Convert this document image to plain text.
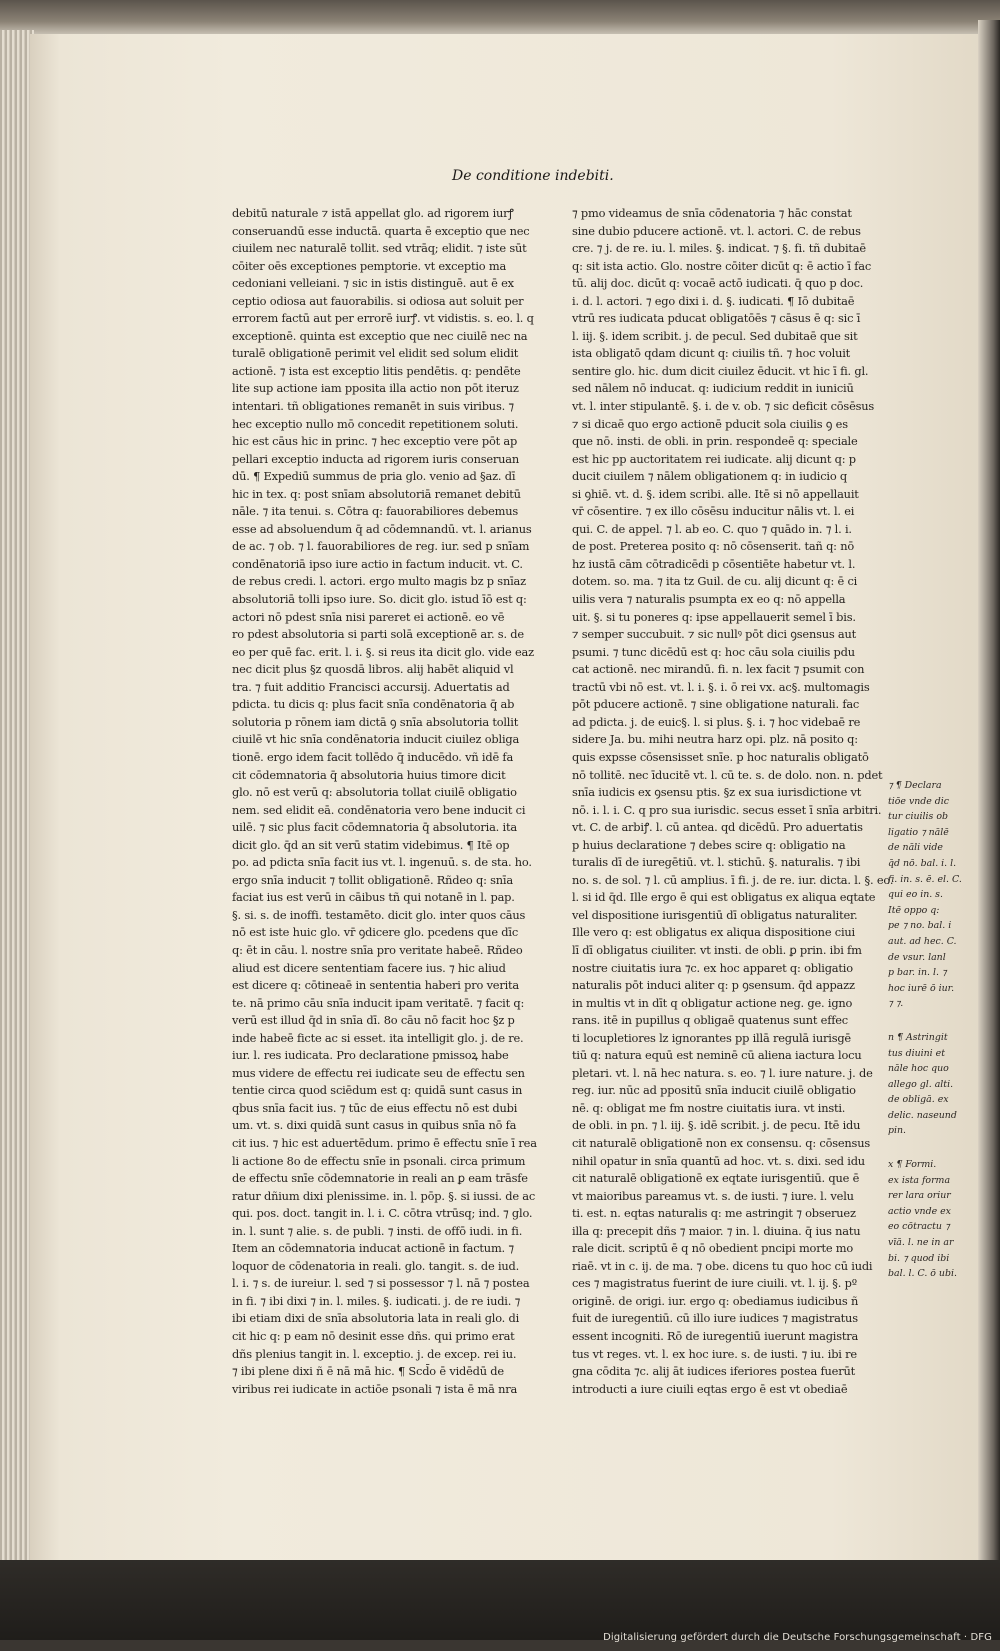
De conditione indebiti.
debitū naturale ⁊ istā appellat glo. ad rigorem iurꝭ
conseruandū esse inductā. quarta ē exceptio que nec
ciuilem nec naturalē tollit. sed vtrāq; elidit. ⁊ iste sūt
cōiter oēs exceptiones pemptorie. vt exceptio ma
cedoniani velleiani. ⁊ sic in istis distinguē. aut ē ex
ceptio odiosa aut fauorabilis. si odiosa aut soluit per
errorem factū aut per errorē iurꝭ. vt vidistis. s. eo. l. q
exceptionē. quinta est exceptio que nec ciuilē nec na
turalē obligationē perimit vel elidit sed solum elidit
actionē. ⁊ ista est exceptio litis pendētis. q: pendēte
lite sup actione iam pposita illa actio non pōt iteruz
intentari. tñ obligationes remanēt in suis viribus. ⁊
hec exceptio nullo mō concedit repetitionem soluti.
hic est cāus hic in princ. ⁊ hec exceptio vere pōt ap
pellari exceptio inducta ad rigorem iuris conseruan
dū. ¶ Expediū summus de pria glo. venio ad §az. dī
hic in tex. q: post snīam absolutoriā remanet debitū
nāle. ⁊ ita tenui. s. Cōtra q: fauorabiliores debemus
esse ad absoluendum q̄ ad cōdemnandū. vt. l. arianus
de ac. ⁊ ob. ⁊ l. fauorabiliores de reg. iur. sed p snīam
condēnatoriā ipso iure actio in factum inducit. vt. C.
de rebus credi. l. actori. ergo multo magis bz p snīaz
absolutoriā tolli ipso iure. So. dicit glo. istud īō est q:
actori nō pdest snīa nisi pareret ei actionē. eo vē
ro pdest absolutoria si parti solā exceptionē ar. s. de
eo per quē fac. erit. l. i. §. si reus ita dicit glo. vide eaz
nec dicit plus §z quosdā libros. alij habēt aliquid vl
tra. ⁊ fuit additio Francisci accursij. Aduertatis ad
pdicta. tu dicis q: plus facit snīa condēnatoria q̄ ab
solutoria p rōnem iam dictā ꝯ snīa absolutoria tollit
ciuilē vt hic snīa condēnatoria inducit ciuilez obliga
tionē. ergo idem facit tollēdo q̄ inducēdo. vñ idē fa
cit cōdemnatoria q̄ absolutoria huius timore dicit
glo. nō est verū q: absolutoria tollat ciuilē obligatio
nem. sed elidit eā. condēnatoria vero bene inducit ci
uilē. ⁊ sic plus facit cōdemnatoria q̄ absolutoria. ita
dicit glo. q̄d an sit verū statim videbimus. ¶ Itē op
po. ad pdicta snīa facit ius vt. l. ingenuū. s. de sta. ho.
ergo snīa inducit ⁊ tollit obligationē. Rñdeo q: snīa
faciat ius est verū in cāibus tñ qui notanē in l. pap.
§. si. s. de inoffi. testamēto. dicit glo. inter quos cāus
nō est iste huic glo. vr̄ ꝯdicere glo. pcedens que dīc
q: ēt in cāu. l. nostre snīa pro veritate habeē. Rñdeo
aliud est dicere sententiam facere ius. ⁊ hic aliud
est dicere q: cōtineaē in sententia haberi pro verita
te. nā primo cāu snīa inducit ipam veritatē. ⁊ facit q:
verū est illud q̄d in snīa dī. 8o cāu nō facit hoc §z p
inde habeē ficte ac si esset. ita intelligit glo. j. de re.
iur. l. res iudicata. Pro declaratione pmissoꝝ habe
mus videre de effectu rei iudicate seu de effectu sen
tentie circa quod sciēdum est q: quidā sunt casus in
qbus snīa facit ius. ⁊ tūc de eius effectu nō est dubi
um. vt. s. dixi quidā sunt casus in quibus snīa nō fa
cit ius. ⁊ hic est aduertēdum. primo ē effectu snīe ī rea
li actione 8o de effectu snīe in psonali. circa primum
de effectu snīe cōdemnatorie in reali an ꝑ eam trāsfe
ratur dñium dixi plenissime. in. l. pōp. §. si iussi. de ac
qui. pos. doct. tangit in. l. i. C. cōtra vtrūsq; ind. ⁊ glo.
in. l. sunt ⁊ alie. s. de publi. ⁊ insti. de offō iudi. in fi.
Item an cōdemnatoria inducat actionē in factum. ⁊
loquor de cōdenatoria in reali. glo. tangit. s. de iud.
l. i. ⁊ s. de iureiur. l. sed ⁊ si possessor ⁊ l. nā ⁊ postea
in fi. ⁊ ibi dixi ⁊ in. l. miles. §. iudicati. j. de re iudi. ⁊
ibi etiam dixi de snīa absolutoria lata in reali glo. di
cit hic q: p eam nō desinit esse dñs. qui primo erat
dñs plenius tangit in. l. exceptio. j. de excep. rei iu.
⁊ ibi plene dixi ñ ē nā mā hic. ¶ Scd̄o ē vidēdū de
viribus rei iudicate in actiōe psonali ⁊ ista ē mā nra
⁊ pmo videamus de snīa cōdenatoria ⁊ hāc constat
sine dubio pducere actionē. vt. l. actori. C. de rebus
cre. ⁊ j. de re. iu. l. miles. §. indicat. ⁊ §. fi. tñ dubitaē
q: sit ista actio. Glo. nostre cōiter dicūt q: ē actio ī fac
tū. alij doc. dicūt q: vocaē actō iudicati. q̄ quo p doc.
i. d. l. actori. ⁊ ego dixi i. d. §. iudicati. ¶ Iō dubitaē
vtrū res iudicata pducat obligatōēs ⁊ cāsus ē q: sic ī
l. iij. §. idem scribit. j. de pecul. Sed dubitaē que sit
ista obligatō qdam dicunt q: ciuilis tñ. ⁊ hoc voluit
sentire glo. hic. dum dicit ciuilez ēducit. vt hic ī fi. gl.
sed nālem nō inducat. q: iudicium reddit in iuniciū
vt. l. inter stipulantē. §. i. de v. ob. ⁊ sic deficit cōsēsus
⁊ si dicaē quo ergo actionē pducit sola ciuilis ꝯ es
que nō. insti. de obli. in prin. respondeē q: speciale
est hic pp auctoritatem rei iudicate. alij dicunt q: p
ducit ciuilem ⁊ nālem obligationem q: in iudicio q
si ꝯhiē. vt. d. §. idem scribi. alle. Itē si nō appellauit
vr̄ cōsentire. ⁊ ex illo cōsēsu inducitur nālis vt. l. ei
qui. C. de appel. ⁊ l. ab eo. C. quo ⁊ quādo in. ⁊ l. i.
de post. Preterea posito q: nō cōsenserit. tañ q: nō
hz iustā cām cōtradicēdi p cōsentiēte habetur vt. l.
dotem. so. ma. ⁊ ita tz Guil. de cu. alij dicunt q: ē ci
uilis vera ⁊ naturalis psumpta ex eo q: nō appella
uit. §. si tu poneres q: ipse appellauerit semel ī bis.
⁊ semper succubuit. ⁊ sic nullꝰ pōt dici ꝯsensus aut
psumi. ⁊ tunc dicēdū est q: hoc cāu sola ciuilis pdu
cat actionē. nec mirandū. fi. n. lex facit ⁊ psumit con
tractū vbi nō est. vt. l. i. §. i. ō rei vx. ac§. multomagis
pōt pducere actionē. ⁊ sine obligatione naturali. fac
ad pdicta. j. de euic§. l. si plus. §. i. ⁊ hoc videbaē re
sidere Ja. bu. mihi neutra harz opi. plz. nā posito q:
quis expsse cōsensisset snīe. p hoc naturalis obligatō
nō tollitē. nec īducitē vt. l. cū te. s. de dolo. non. n. pdet
snīa iudicis ex ꝯsensu ptis. §z ex sua iurisdictione vt
nō. i. l. i. C. q pro sua iurisdic. secus esset ī snīa arbitri.
vt. C. de arbiꝭ. l. cū antea. qd dicēdū. Pro aduertatis
p huius declaratione ⁊ debes scire q: obligatio na
turalis dī de iuregētiū. vt. l. stichū. §. naturalis. ⁊ ibi
no. s. de sol. ⁊ l. cū amplius. ī fi. j. de re. iur. dicta. l. §. eo.
l. si id q̄d. Ille ergo ē qui est obligatus ex aliqua eqtate
vel dispositione iurisgentiū dī obligatus naturaliter.
Ille vero q: est obligatus ex aliqua dispositione ciui
lī dī obligatus ciuiliter. vt insti. de obli. ꝑ prin. ibi fm
nostre ciuitatis iura ⁊c. ex hoc apparet q: obligatio
naturalis pōt induci aliter q: p ꝯsensum. q̄d appazz
in multis vt in dīt q obligatur actione neg. ge. igno
rans. itē in pupillus q obligaē quatenus sunt effec
ti locupletiores lz ignorantes pp illā regulā iurisgē
tiū q: natura equū est neminē cū aliena iactura locu
pletari. vt. l. nā hec natura. s. eo. ⁊ l. iure nature. j. de
reg. iur. nūc ad ppositū snīa inducit ciuilē obligatio
nē. q: obligat me fm nostre ciuitatis iura. vt insti.
de obli. in pn. ⁊ l. iij. §. idē scribit. j. de pecu. Itē idu
cit naturalē obligationē non ex consensu. q: cōsensus
nihil opatur in snīa quantū ad hoc. vt. s. dixi. sed idu
cit naturalē obligationē ex eqtate iurisgentiū. que ē
vt maioribus pareamus vt. s. de iusti. ⁊ iure. l. velu
ti. est. n. eqtas naturalis q: me astringit ⁊ obseruez
illa q: precepit dñs ⁊ maior. ⁊ in. l. diuina. q̄ ius natu
rale dicit. scriptū ē q nō obedient pncipi morte mo
riaē. vt in c. ij. de ma. ⁊ obe. dicens tu quo hoc cū iudi
ces ⁊ magistratus fuerint de iure ciuili. vt. l. ij. §. pº
originē. de origi. iur. ergo q: obediamus iudicibus ñ
fuit de iuregentiū. cū illo iure iudices ⁊ magistratus
essent incogniti. Rō de iuregentiū iuerunt magistra
tus vt reges. vt. l. ex hoc iure. s. de iusti. ⁊ iu. ibi re
gna cōdita ⁊c. alij āt iudices iferiores postea fuerūt
introducti a iure ciuili eqtas ergo ē est vt obediaē
⁊ ¶ Declara
tiōe vnde dic
tur ciuilis ob
ligatio ⁊ nālē
de nāli vide
q̄d nō. bal. i. l.
fi. in. s. ē. el. C.
qui eo in. s.
Itē oppo q:
pe ⁊ no. bal. i
aut. ad hec. C.
de vsur. lanl
p bar. in. l. ⁊
hoc iurē ō iur.
⁊ ⁊.
n ¶ Astringit
tus diuini et
nāle hoc quo
allego gl. alti.
de obligā. ex
delic. naseund
pin.
x ¶ Formi.
ex ista forma
rer lara oriur
actio vnde ex
eo cōtractu ⁊
vīā. l. ne in ar
bi. ⁊ quod ibi
bal. l. C. ō ubi.
Digitalisierung gefördert durch die Deutsche Forschungsgemeinschaft · DFG
